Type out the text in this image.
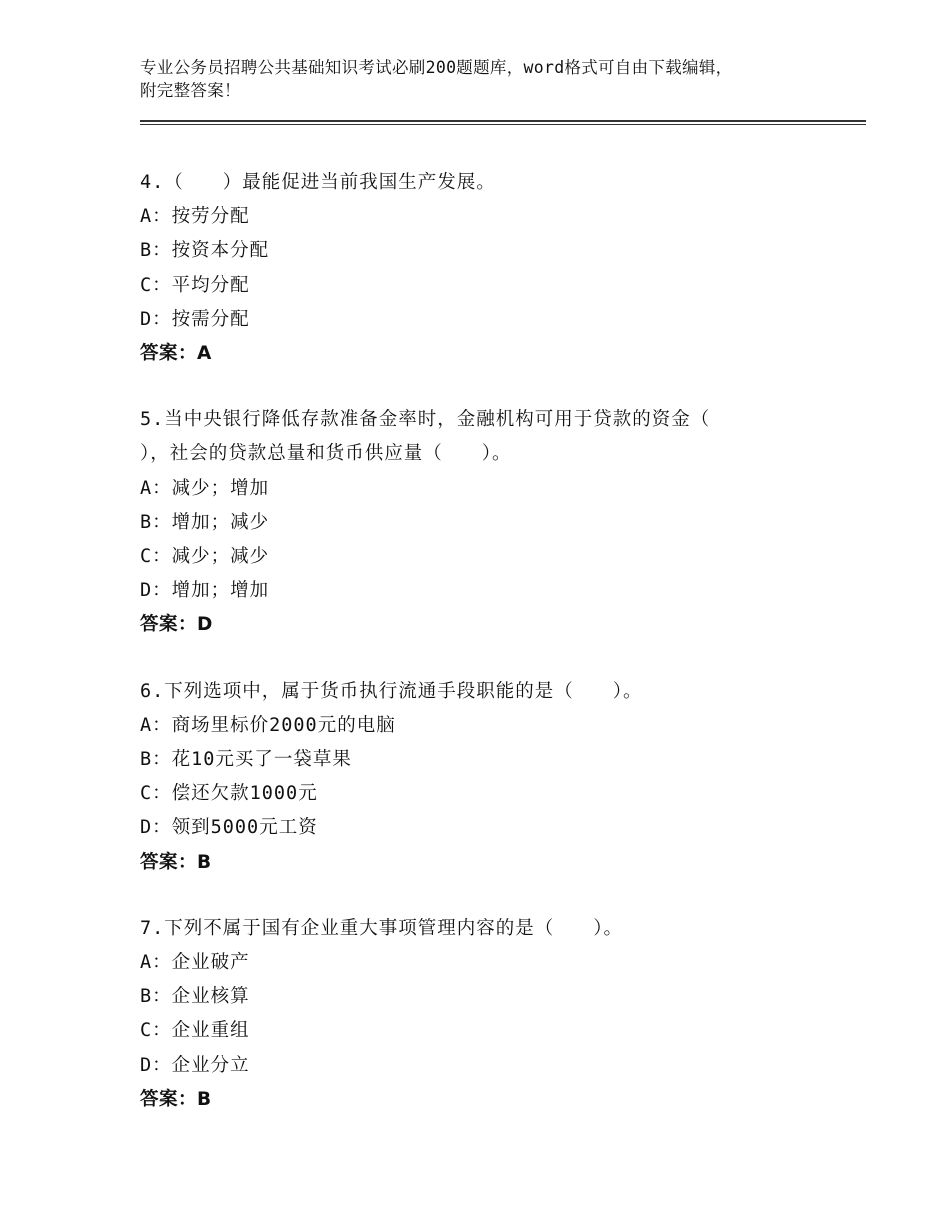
专业公务员招聘公共基础知识考试必刷200题题库，word格式可自由下载编辑，
附完整答案！
4.（　　）最能促进当前我国生产发展。
A：按劳分配
B：按资本分配
C：平均分配
D：按需分配
答案：A
5.当中央银行降低存款准备金率时，金融机构可用于贷款的资金（
），社会的贷款总量和货币供应量（　　）。
A：减少；增加
B：增加；减少
C：减少；减少
D：增加；增加
答案：D
6.下列选项中，属于货币执行流通手段职能的是（　　）。
A：商场里标价2000元的电脑
B：花10元买了一袋草果
C：偿还欠款1000元
D：领到5000元工资
答案：B
7.下列不属于国有企业重大事项管理内容的是（　　）。
A：企业破产
B：企业核算
C：企业重组
D：企业分立
答案：B
